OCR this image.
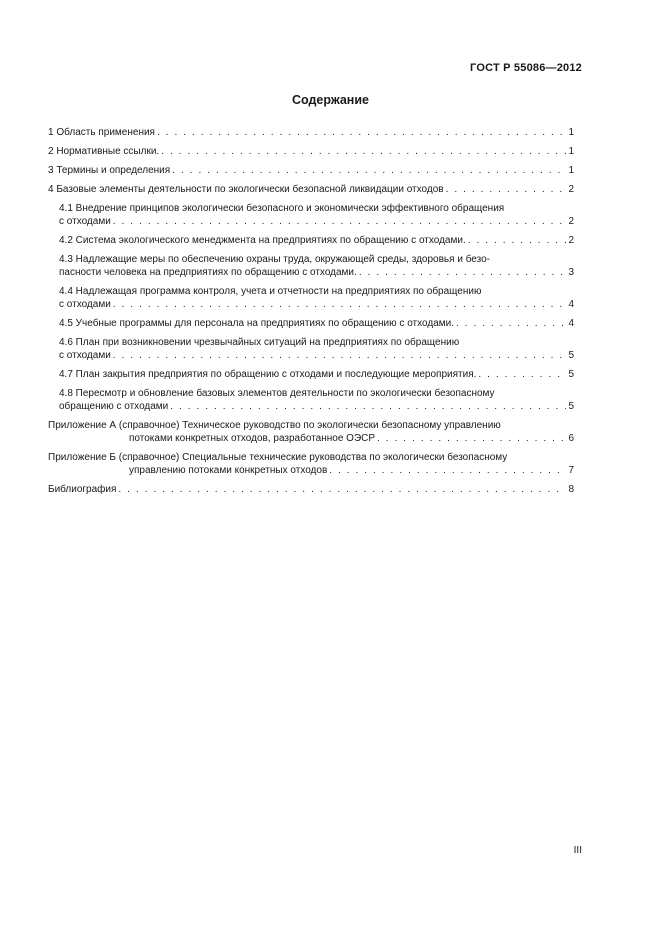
ГОСТ Р 55086—2012
Содержание
1 Область применения . . .	1
2 Нормативные ссылки. . . .	1
3 Термины и определения . . .	1
4 Базовые элементы деятельности по экологически безопасной ликвидации отходов . . .	2
4.1 Внедрение принципов экологически безопасного и экономически эффективного обращения
с отходами . . .	2
4.2 Система экологического менеджмента на предприятиях по обращению с отходами. . . .	2
4.3 Надлежащие меры по обеспечению охраны труда, окружающей среды, здоровья и безо-
пасности человека на предприятиях по обращению с отходами. . . .	3
4.4 Надлежащая программа контроля, учета и отчетности на предприятиях по обращению
с отходами . . .	4
4.5 Учебные программы для персонала на предприятиях по обращению с отходами. . . .	4
4.6 План при возникновении чрезвычайных ситуаций на предприятиях по обращению
с отходами . . .	5
4.7 План закрытия предприятия по обращению с отходами и последующие мероприятия. . . .	5
4.8 Пересмотр и обновление базовых элементов деятельности по экологически безопасному
обращению с отходами . . .	5
Приложение А (справочное) Техническое руководство по экологически безопасному управлению
потоками конкретных отходов, разработанное ОЭСР . . .	6
Приложение Б (справочное) Специальные технические руководства по экологически безопасному
управлению потоками конкретных отходов . . .	7
Библиография . . .	8
III
